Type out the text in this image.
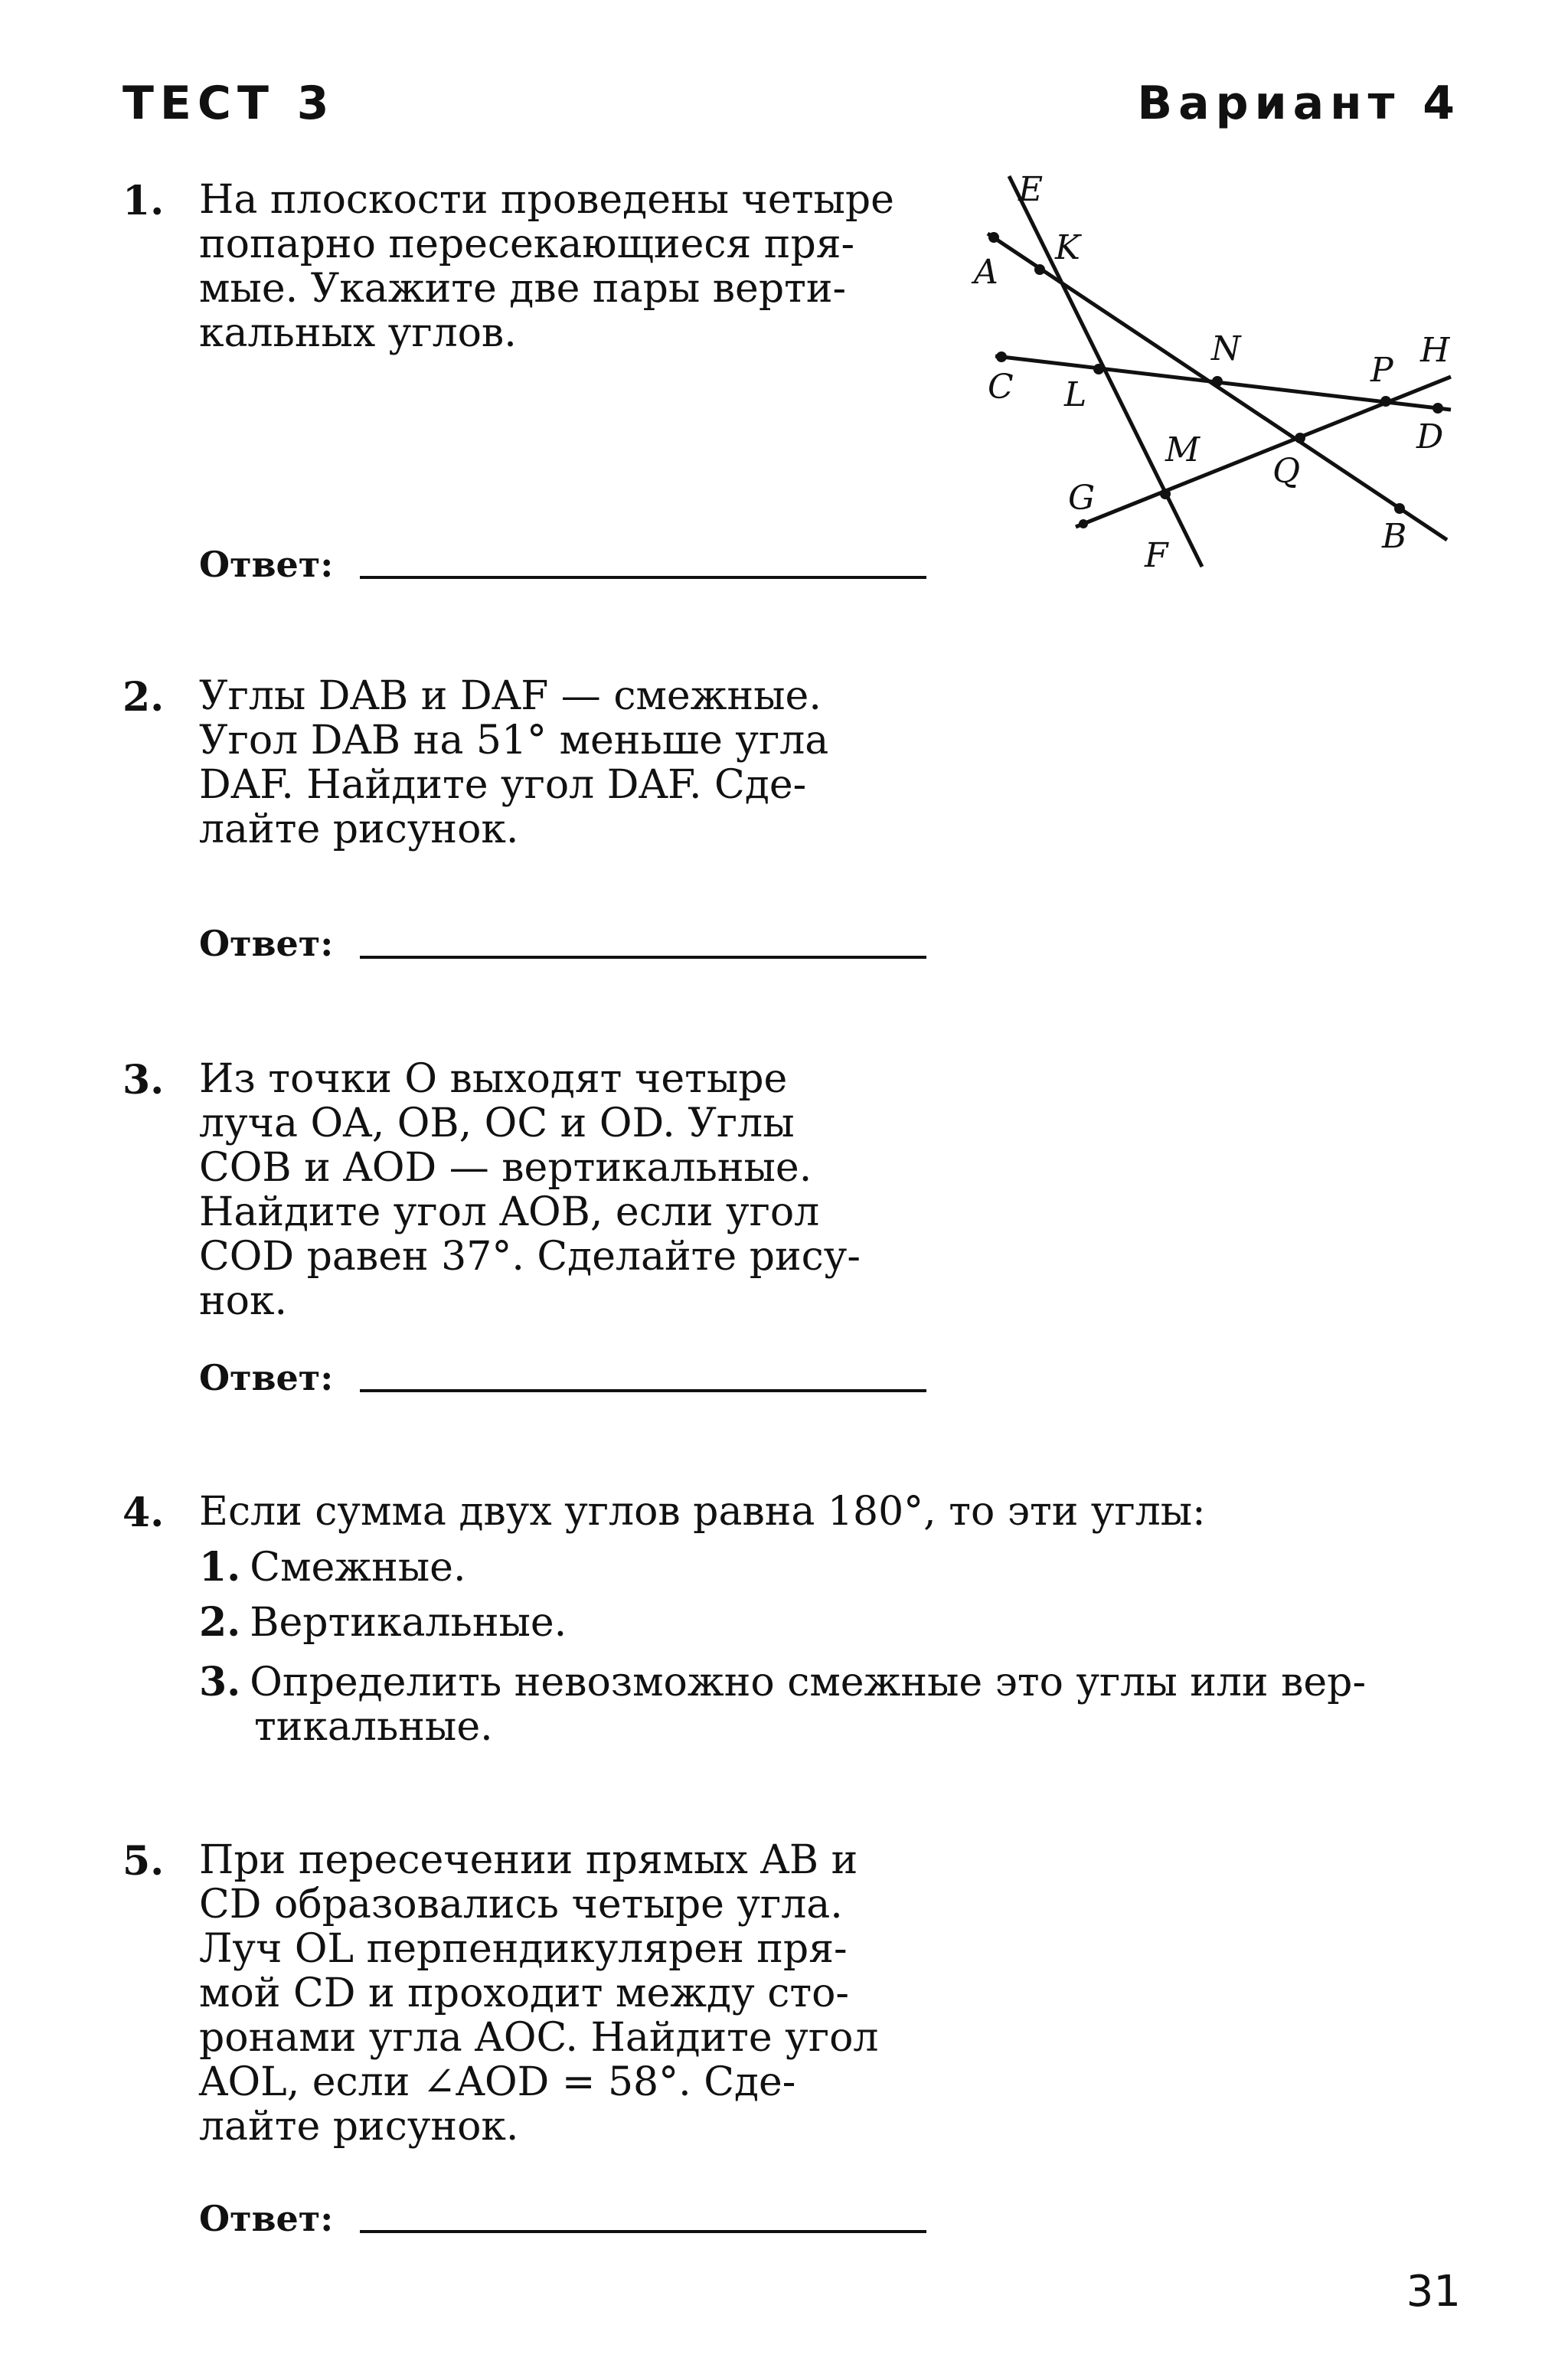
ТЕСТ 3	Вариант 4
1. На плоскости проведены четыре
попарно пересекающиеся пря-
мые. Укажите две пары верти-
кальных углов.
Ответ:
E
K
A
N
P
H
C L
D
M
Q
G
B
F
2. Углы DAB и DAF — смежные.
Угол DAB на 51° меньше угла
DAF. Найдите угол DAF. Сде-
лайте рисунок.
Ответ:
3. Из точки O выходят четыре
луча OA, OB, OC и OD. Углы
COB и AOD — вертикальные.
Найдите угол AOB, если угол
COD равен 37°. Сделайте рису-
нок.
Ответ:
4. Если сумма двух углов равна 180°, то эти углы:
1. Смежные.
2. Вертикальные.
3. Определить невозможно смежные это углы или вер-
тикальные.
5. При пересечении прямых AB и
CD образовались четыре угла.
Луч OL перпендикулярен пря-
мой CD и проходит между сто-
ронами угла AOC. Найдите угол
AOL, если ∠AOD = 58°. Сде-
лайте рисунок.
Ответ:
31
